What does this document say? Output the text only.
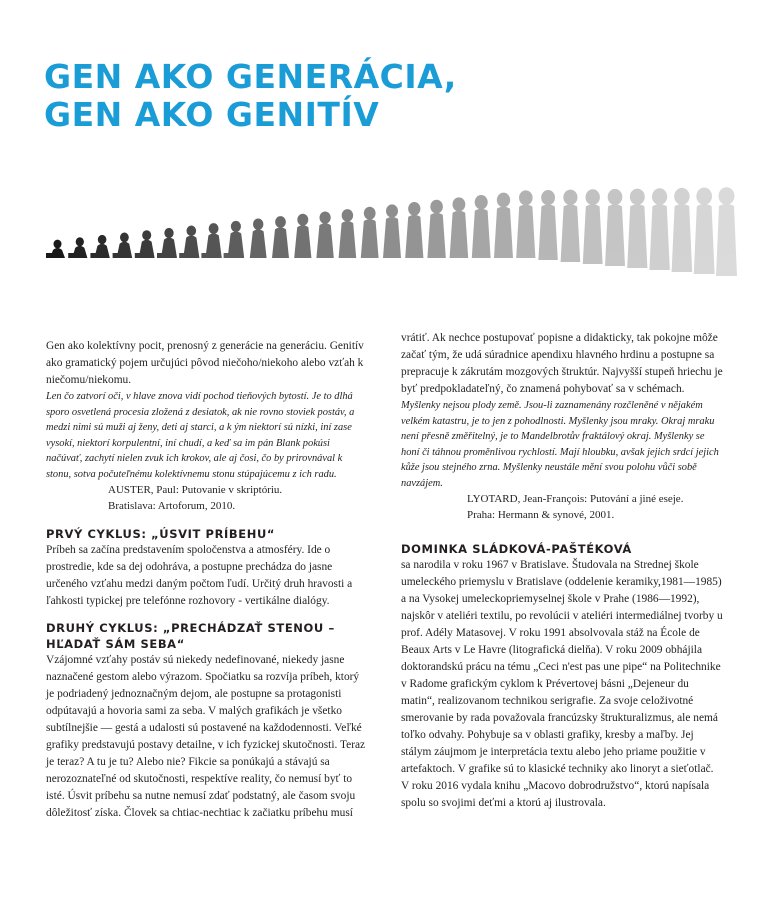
GEN AKO GENERÁCIA,
GEN AKO GENITÍV

Gen ako kolektívny pocit, prenosný z generácie na generáciu. Genitív ako gramatický pojem určujúci pôvod niečoho/niekoho alebo vzťah k niečomu/niekomu.

Len čo zatvorí oči, v hlave znova vidí pochod tieňových bytostí. Je to dlhá sporo osvetlená procesia zložená z desiatok, ak nie rovno stoviek postáv, a medzi nimi sú muži aj ženy, deti aj starci, a k ým niektorí sú nízki, iní zase vysokí, niektorí korpulentní, iní chudí, a keď sa im pán Blank pokúsi načúvať, zachytí nielen zvuk ich krokov, ale aj čosi, čo by prirovnával k stonu, sotva počuteľnému kolektívnemu stonu stúpajúcemu z ich radu.

AUSTER, Paul: Putovanie v skriptóriu.

Bratislava: Artoforum, 2010.

PRVÝ CYKLUS: „ÚSVIT PRÍBEHU“

Príbeh sa začína predstavením spoločenstva a atmosféry. Ide o prostredie, kde sa dej odohráva, a postupne prechádza do jasne určeného vzťahu medzi daným počtom ľudí. Určitý druh hravosti a ľahkosti typickej pre telefónne rozhovory - vertikálne dialógy.

DRUHÝ CYKLUS: „PRECHÁDZAŤ STENOU – HĽADAŤ SÁM SEBA“

Vzájomné vzťahy postáv sú niekedy nedefinované, niekedy jasne naznačené gestom alebo výrazom. Spočiatku sa rozvíja príbeh, ktorý je podriadený jednoznačným dejom, ale postupne sa protagonisti odpútavajú a hovoria sami za seba. V malých grafikách je všetko subtílnejšie — gestá a udalosti sú postavené na každodennosti. Veľké grafiky predstavujú postavy detailne, v ich fyzickej skutočnosti. Teraz je teraz? A tu je tu? Alebo nie? Fikcie sa ponúkajú a stávajú sa nerozoznateľné od skutočnosti, respektíve reality, čo nemusí byť to isté. Úsvit príbehu sa nutne nemusí zdať podstatný, ale časom svoju dôležitosť získa. Človek sa chtiac-nechtiac k začiatku príbehu musí

vrátiť. Ak nechce postupovať popisne a didakticky, tak pokojne môže začať tým, že udá súradnice apendixu hlavného hrdinu a postupne sa prepracuje k zákrutám mozgových štruktúr. Najvyšší stupeň hriechu je byť predpokladateľný, čo znamená pohybovať sa v schémach.

Myšlenky nejsou plody země. Jsou-li zaznamenány rozčleněné v nějakém velkém katastru, je to jen z pohodlnosti. Myšlenky jsou mraky. Okraj mraku není přesně změřitelný, je to Mandelbrotův fraktálový okraj. Myšlenky se honí či táhnou proměnlivou rychlostí. Mají hloubku, avšak jejich srdcí jejich kůže jsou stejného zrna. Myšlenky neustále mění svou polohu vůči sobě navzájem.

LYOTARD, Jean-François: Putování a jiné eseje.

Praha: Hermann & synové, 2001.

DOMINKA SLÁDKOVÁ-PAŠTÉKOVÁ

sa narodila v roku 1967 v Bratislave. Študovala na Strednej škole umeleckého priemyslu v Bratislave (oddelenie keramiky,1981—1985) a na Vysokej umeleckopriemyselnej škole v Prahe (1986—1992), najskôr v ateliéri textilu, po revolúcii v ateliéri intermediálnej tvorby u prof. Adély Matasovej. V roku 1991 absolvovala stáž na École de Beaux Arts v Le Havre (litografická dielňa). V roku 2009 obhájila doktorandskú prácu na tému „Ceci n'est pas une pipe“ na Politechnike v Radome grafickým cyklom k Prévertovej básni „Dejeneur du matin“, realizovanom technikou serigrafie. Za svoje celoživotné smerovanie by rada považovala francúzsky štrukturalizmus, ale nemá toľko odvahy. Pohybuje sa v oblasti grafiky, kresby a maľby. Jej stálym záujmom je interpretácia textu alebo jeho priame použitie v artefaktoch. V grafike sú to klasické techniky ako linoryt a sieťotlač. V roku 2016 vydala knihu „Macovo dobrodružstvo“, ktorú napísala spolu so svojimi deťmi a ktorú aj ilustrovala.
